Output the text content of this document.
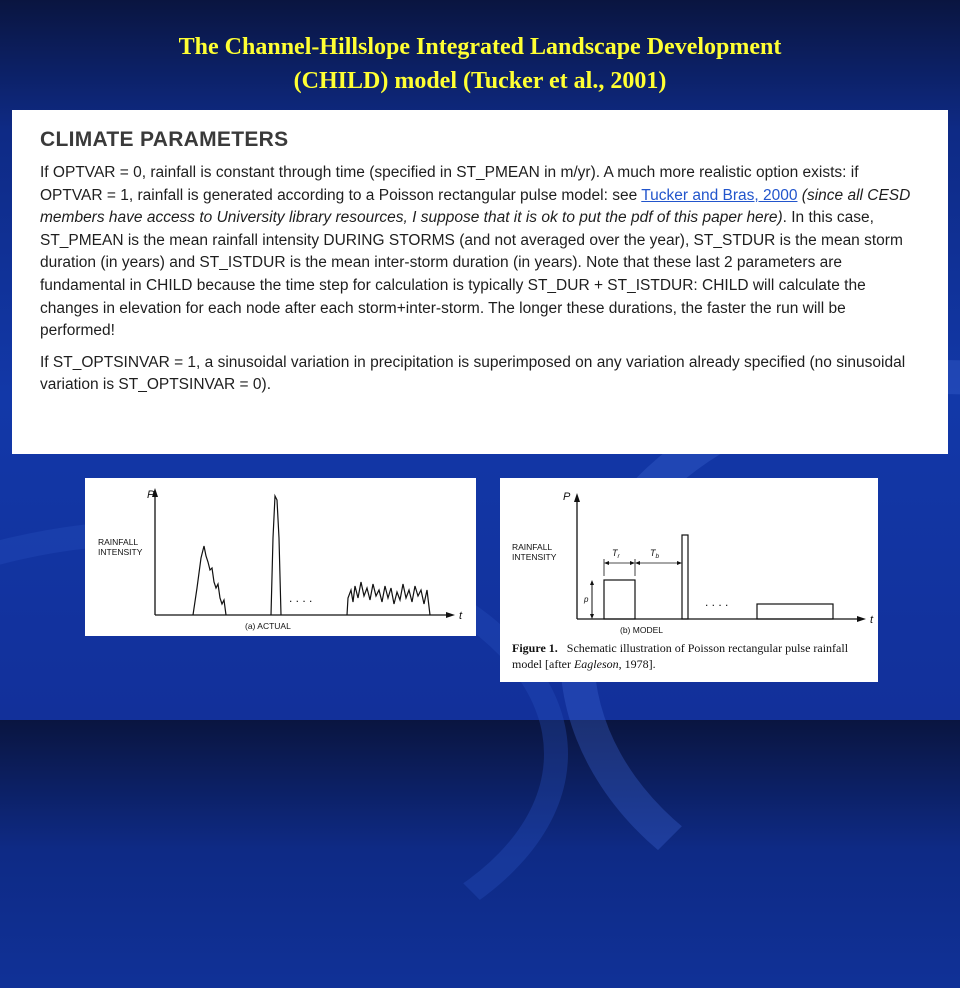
The Channel-Hillslope Integrated Landscape Development
(CHILD) model (Tucker et al., 2001)
CLIMATE PARAMETERS

If OPTVAR = 0, rainfall is constant through time (specified in ST_PMEAN in m/yr). A much more realistic option exists: if OPTVAR = 1, rainfall is generated according to a Poisson rectangular pulse model: see Tucker and Bras, 2000 (since all CESD members have access to University library resources, I suppose that it is ok to put the pdf of this paper here). In this case, ST_PMEAN is the mean rainfall intensity DURING STORMS (and not averaged over the year), ST_STDUR is the mean storm duration (in years) and ST_ISTDUR is the mean inter-storm duration (in years). Note that these last 2 parameters are fundamental in CHILD because the time step for calculation is typically ST_DUR + ST_ISTDUR: CHILD will calculate the changes in elevation for each node after each storm+inter-storm. The longer these durations, the faster the run will be performed!

If ST_OPTSINVAR = 1, a sinusoidal variation in precipitation is superimposed on any variation already specified (no sinusoidal variation is ST_OPTSINVAR = 0).

P
RAINFALL
INTENSITY
t
. . . .
(a) ACTUAL
P
RAINFALL
INTENSITY
t
p
$T_r$	$T_b$
. . . .
(b) MODEL
Figure 1. Schematic illustration of Poisson rectangular pulse rainfall model [after Eagleson, 1978].
